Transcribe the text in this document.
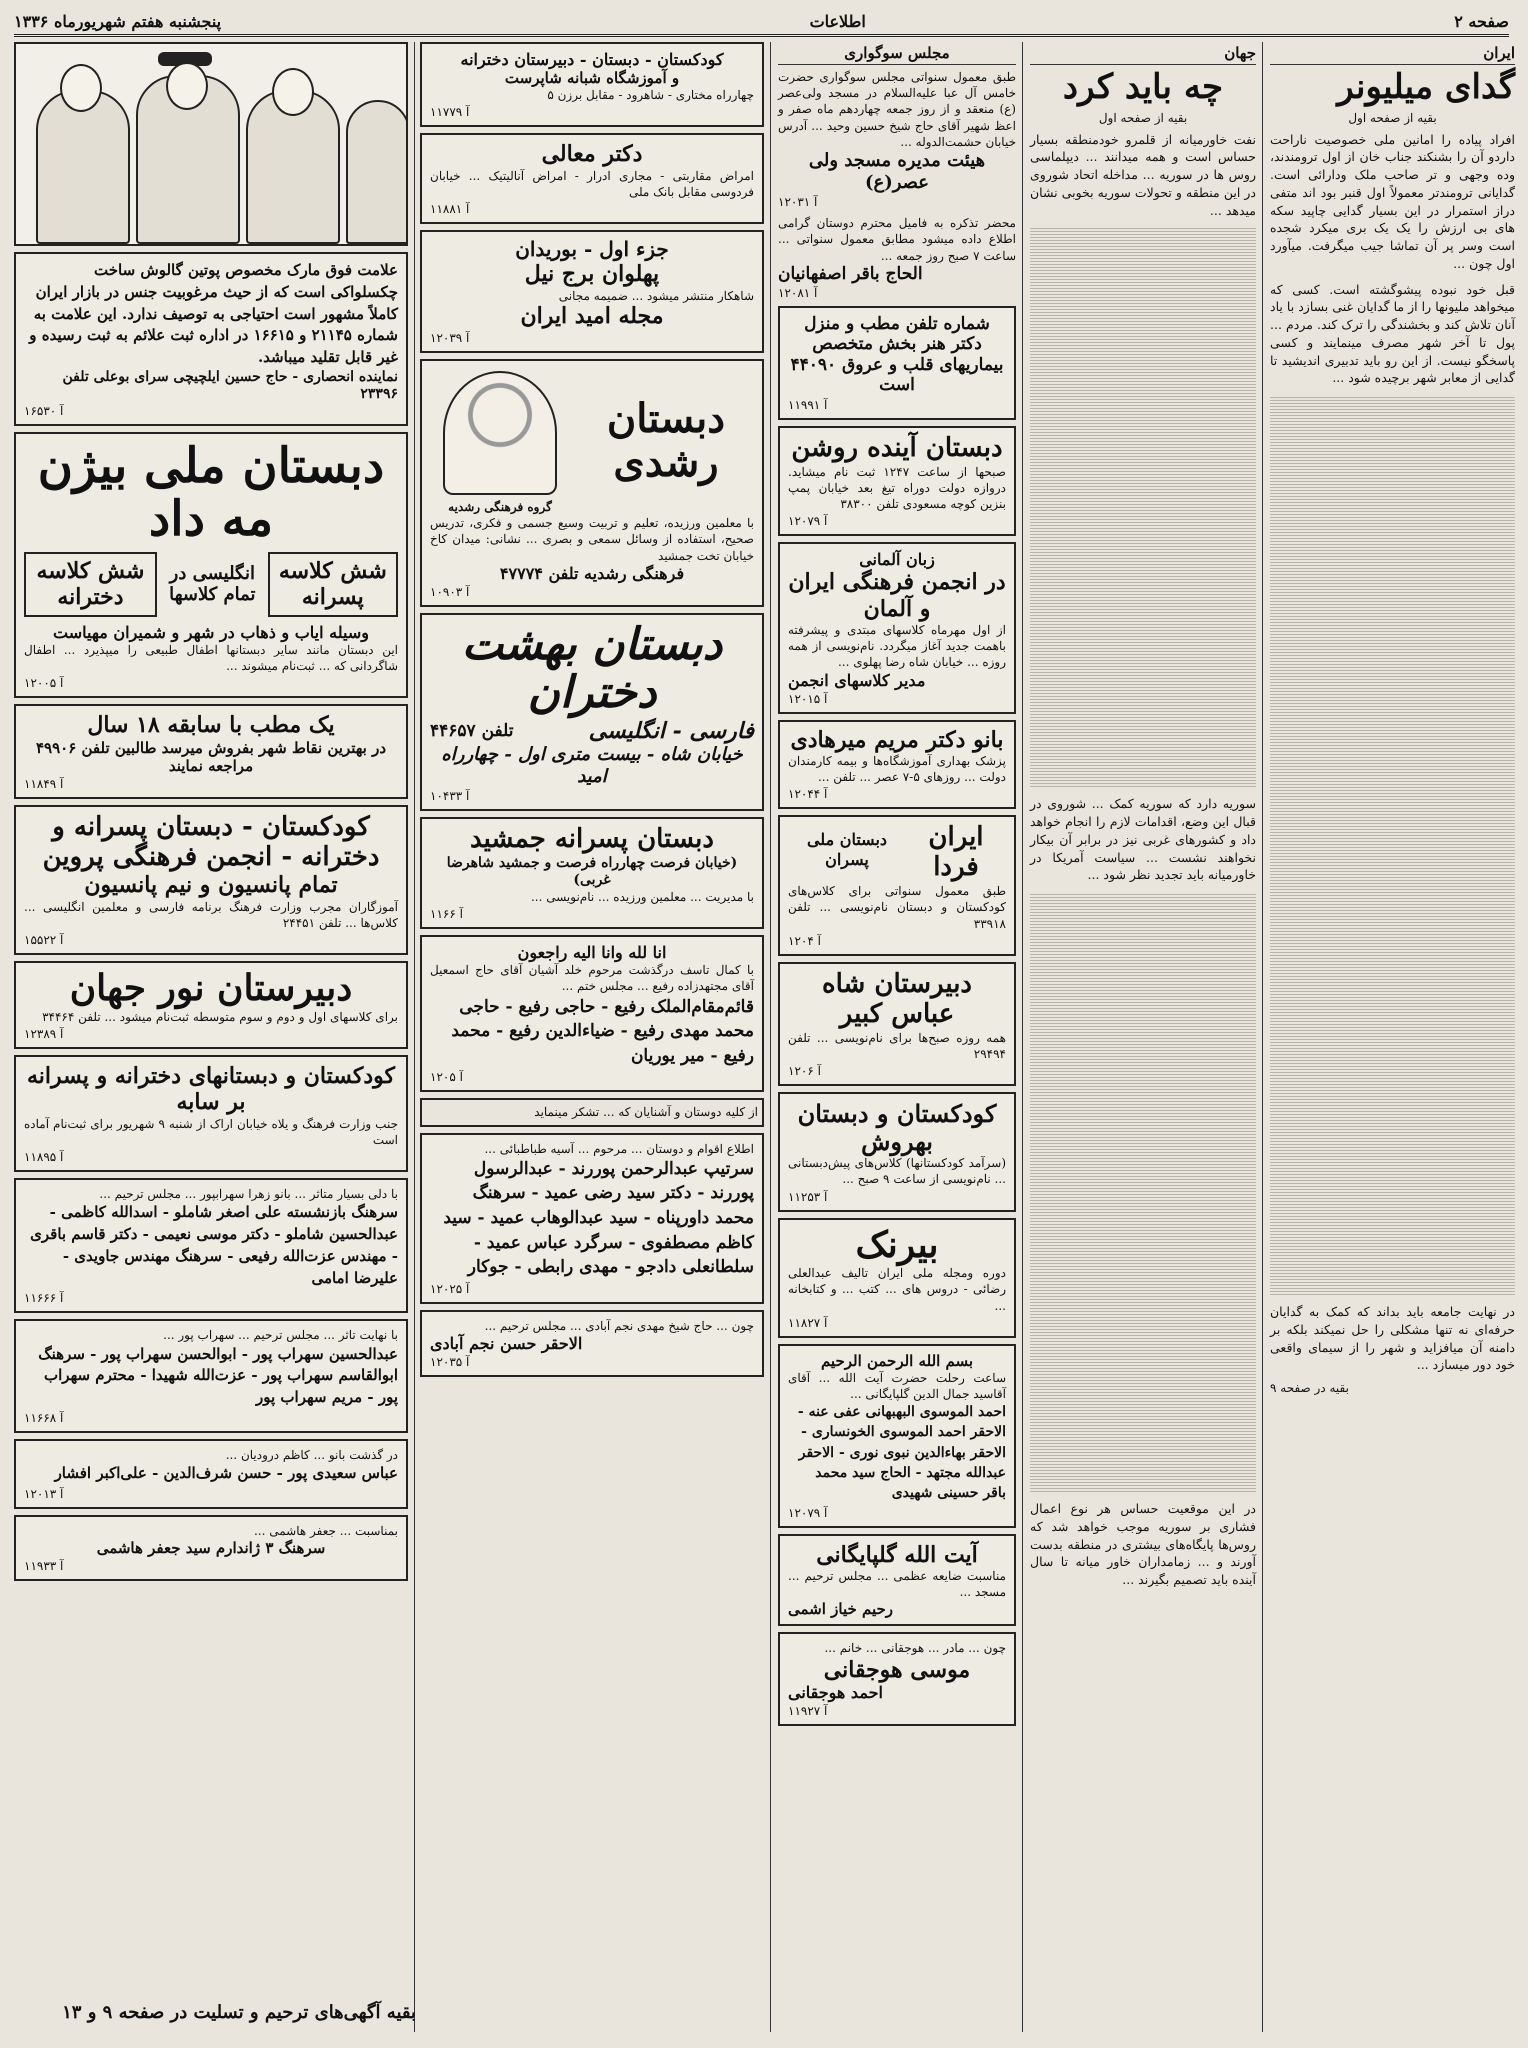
صفحه ۲
اطلاعات
پنجشنبه هفتم شهریورماه ۱۳۳۶
ایران
گدای میلیونر
بقیه از صفحه اول
افراد پیاده را امانین ملی خصوصیت ناراحت داردو آن را بشنکند جناب خان از اول ترومندند، وده وجهی و تر صاحب ملک ودارائی است. گدایانی ترومندتر معمولاً اول قنبر بود اند متفی دراز استمرار در این بسیار گدایی چاپید سکه های بی ارزش را یک یک بری میکرد شجده است وسر پر آن تماشا جیب میگرفت. میآورد اول چون ...
قبل خود نبوده پیشوگشته است. کسی که میخواهد ملیونها را از ما گدایان غنی بسازد با یاد آنان تلاش کند و بخشندگی را ترک کند. مردم ... پول تا آخر شهر مصرف مینمایند و کسی پاسخگو نیست. از این رو باید تدبیری اندیشید تا گدایی از معابر شهر برچیده شود ...
در نهایت جامعه باید بداند که کمک به گدایان حرفه‌ای نه تنها مشکلی را حل نمیکند بلکه بر دامنه آن میافزاید و شهر را از سیمای واقعی خود دور میسازد ...
بقیه در صفحه ۹
جهان
چه باید کرد
بقیه از صفحه اول
نفت خاورمیانه از قلمرو خودمنطقه بسیار حساس است و همه میدانند ... دیپلماسی روس ها در سوریه ... مداخله اتحاد شوروی در این منطقه و تحولات سوریه بخوبی نشان میدهد ...
سوریه دارد که سوریه کمک ... شوروی در قبال این وضع، اقدامات لازم را انجام خواهد داد و کشورهای غربی نیز در برابر آن بیکار نخواهند نشست ... سیاست آمریکا در خاورمیانه باید تجدید نظر شود ...
در این موقعیت حساس هر نوع اعمال فشاری بر سوریه موجب خواهد شد که روس‌ها پایگاه‌های بیشتری در منطقه بدست آورند و ... زمامداران خاور میانه تا سال آینده باید تصمیم بگیرند ...
مجلس سوگواری
طبق معمول سنواتی مجلس سوگواری حضرت خامس آل عبا علیه‌السلام در مسجد ولی‌عصر (ع) منعقد و از روز جمعه چهاردهم ماه صفر و اعظ شهیر آقای حاج شیخ حسین وحید ... آدرس خیابان حشمت‌الدوله ...
هیئت مدیره مسجد ولی عصر(ع)
آ ۱۲۰۳۱
محضر تذکره به فامیل محترم دوستان گرامی اطلاع داده میشود مطابق معمول سنواتی ... ساعت ۷ صبح روز جمعه ...
الحاج باقر اصفهانیان
آ ۱۲۰۸۱
شماره تلفن مطب و منزل دکتر هنر بخش متخصص بیماریهای قلب و عروق ۴۴۰۹۰ است
آ ۱۱۹۹۱
دبستان آینده روشن
صبحها از ساعت ۱۲۴۷ ثبت نام میشاید. دروازه دولت دوراه تیغ بعد خیابان پمپ بنزین کوچه مسعودی تلفن ۳۸۳۰۰
آ ۱۲۰۷۹
زبان آلمانی
در انجمن فرهنگی ایران و آلمان
از اول مهرماه کلاسهای مبتدی و پیشرفته باهمت جدید آغاز میگردد. نام‌نویسی از همه روزه ... خیابان شاه رضا پهلوی ...
مدیر کلاسهای انجمن
آ ۱۲۰۱۵
بانو دکتر مریم میرهادی
پزشک بهداری آموزشگاه‌ها و بیمه کارمندان دولت ... روزهای ۵-۷ عصر ... تلفن ...
آ ۱۲۰۴۴
ایران فردا
دبستان ملی پسران
طبق معمول سنواتی برای کلاس‌های کودکستان و دبستان نام‌نویسی ... تلفن ۳۳۹۱۸
آ ۱۲۰۴
دبیرستان شاه عباس کبیر
همه روزه صبح‌ها برای نام‌نویسی ... تلفن ۲۹۴۹۴
آ ۱۲۰۶
کودکستان و دبستان بهروش
(سرآمد کودکستانها) کلاس‌های پیش‌دبستانی ... نام‌نویسی از ساعت ۹ صبح ...
آ ۱۱۲۵۳
بیرنک
دوره ومجله ملی ایران تالیف عبدالعلی رضائی - دروس های ... کتب ... و کتابخانه ...
آ ۱۱۸۲۷
بسم الله الرحمن الرحیم
ساعت رحلت حضرت آیت الله ... آقای آقاسید جمال الدین گلپایگانی ...
احمد الموسوی البهبهانی عفی عنه - الاحقر احمد الموسوی الخونساری - الاحقر بهاءالدین نبوی نوری - الاحقر عبدالله مجتهد - الحاج سید محمد باقر حسینی شهیدی
آ ۱۲۰۷۹
آیت الله گلپایگانی
مناسبت ضایعه عظمی ... مجلس ترحیم ... مسجد ...
رحیم خیاز اشمی
چون ... مادر ... هوجقانی ... خانم ...
موسی هوجقانی
احمد هوجقانی
آ ۱۱۹۲۷
کودکستان - دبستان - دبیرستان دخترانه
و آموزشگاه شبانه شاپرست
چهارراه مختاری - شاهرود - مقابل برزن ۵
آ ۱۱۷۷۹
دکتر معالی
امراض مقاربتی - مجاری ادرار - امراض آنالیتیک ... خیابان فردوسی مقابل بانک ملی
آ ۱۱۸۸۱
جزء اول - بوریدان
پهلوان برج نیل
شاهکار منتشر میشود ... ضمیمه مجانی
مجله امید ایران
آ ۱۲۰۳۹
دبستان رشدی
گروه فرهنگی رشدیه
با معلمین ورزیده، تعلیم و تربیت وسیع جسمی و فکری، تدریس صحیح، استفاده از وسائل سمعی و بصری ... نشانی: میدان کاخ خیابان تخت جمشید
فرهنگی رشدیه تلفن ۴۷۷۷۴
آ ۱۰۹۰۳
دبستان بهشت دختران
فارسی - انگلیسی
تلفن ۴۴۶۵۷
خیابان شاه - بیست متری اول - چهارراه امید
آ ۱۰۴۳۳
دبستان پسرانه جمشید
(خیابان فرصت چهارراه فرصت و جمشید شاهرضا غربی)
با مدیریت ... معلمین ورزیده ... نام‌نویسی ...
آ ۱۱۶۶
انا لله وانا الیه راجعون
با کمال تاسف درگذشت مرحوم خلد آشیان آقای حاج اسمعیل آقای مجتهدزاده رفیع ... مجلس ختم ...
قائم‌مقام‌الملک رفیع - حاجی رفیع - حاجی محمد مهدی رفیع - ضیاءالدین رفیع - محمد رفیع - میر یوریان
آ ۱۲۰۵
از کلیه دوستان و آشنایان که ... تشکر مینماید
اطلاع اقوام و دوستان ... مرحوم ... آسیه طباطبائی ...
سرتیپ عبدالرحمن پوررند - عبدالرسول پوررند - دکتر سید رضی عمید - سرهنگ محمد داورپناه - سید عبدالوهاب عمید - سید کاظم مصطفوی - سرگرد عباس عمید - سلطانعلی دادجو - مهدی رابطی - جوکار
آ ۱۲۰۲۵
چون ... حاج شیخ مهدی نجم آبادی ... مجلس ترحیم ...
الاحقر حسن نجم آبادی
آ ۱۲۰۳۵
علامت فوق مارک مخصوص پوتین گالوش ساخت چکسلواکی است که از حیث مرغوبیت جنس در بازار ایران کاملاً مشهور است احتیاجی به توصیف ندارد. این علامت به شماره ۲۱۱۴۵ و ۱۶۶۱۵ در اداره ثبت علائم به ثبت رسیده و غیر قابل تقلید میباشد.
نماینده انحصاری - حاج حسین ایلچیچی سرای بوعلی تلفن ۲۳۳۹۶
آ ۱۶۵۳۰
دبستان ملی بیژن مه داد
شش کلاسه پسرانه
انگلیسی در تمام کلاسها
شش کلاسه دخترانه
وسیله ایاب و ذهاب در شهر و شمیران مهیاست
این دبستان مانند سایر دبستانها اطفال طبیعی را میپذیرد ... اطفال شاگردانی که ... ثبت‌نام میشوند ...
آ ۱۲۰۰۵
یک مطب با سابقه ۱۸ سال
در بهترین نقاط شهر بفروش میرسد طالبین تلفن ۴۹۹۰۶ مراجعه نمایند
آ ۱۱۸۴۹
کودکستان - دبستان پسرانه و دخترانه - انجمن فرهنگی پروین
تمام پانسیون و نیم پانسیون
آموزگاران مجرب وزارت فرهنگ برنامه فارسی و معلمین انگلیسی ... کلاس‌ها ... تلفن ۲۴۴۵۱
آ ۱۵۵۲۲
دبیرستان نور جهان
برای کلاسهای اول و دوم و سوم متوسطه ثبت‌نام میشود ... تلفن ۳۴۴۶۴
آ ۱۲۳۸۹
کودکستان و دبستانهای دخترانه و پسرانه بر سابه
جنب وزارت فرهنگ و یلاه خیابان اراک از شنبه ۹ شهریور برای ثبت‌نام آماده است
آ ۱۱۸۹۵
با دلی بسیار متاثر ... بانو زهرا سهرابپور ... مجلس ترحیم ...
سرهنگ بازنشسته علی اصغر شاملو - اسدالله کاظمی - عبدالحسین شاملو - دکتر موسی نعیمی - دکتر قاسم باقری - مهندس عزت‌الله رفیعی - سرهنگ مهندس جاویدی - علیرضا امامی
آ ۱۱۶۶۶
با نهایت تاثر ... مجلس ترحیم ... سهراب پور ...
عبدالحسین سهراب پور - ابوالحسن سهراب پور - سرهنگ ابوالقاسم سهراب پور - عزت‌الله شهیدا - محترم سهراب پور - مریم سهراب پور
آ ۱۱۶۶۸
در گذشت بانو ... کاظم درودیان ...
عباس سعیدی پور - حسن شرف‌الدین - علی‌اکبر افشار
آ ۱۲۰۱۳
بمناسبت ... جعفر هاشمی ...
سرهنگ ۳ ژاندارم سید جعفر هاشمی
آ ۱۱۹۳۳
بقیه آگهی‌های ترحیم و تسلیت در صفحه ۹ و ۱۳
